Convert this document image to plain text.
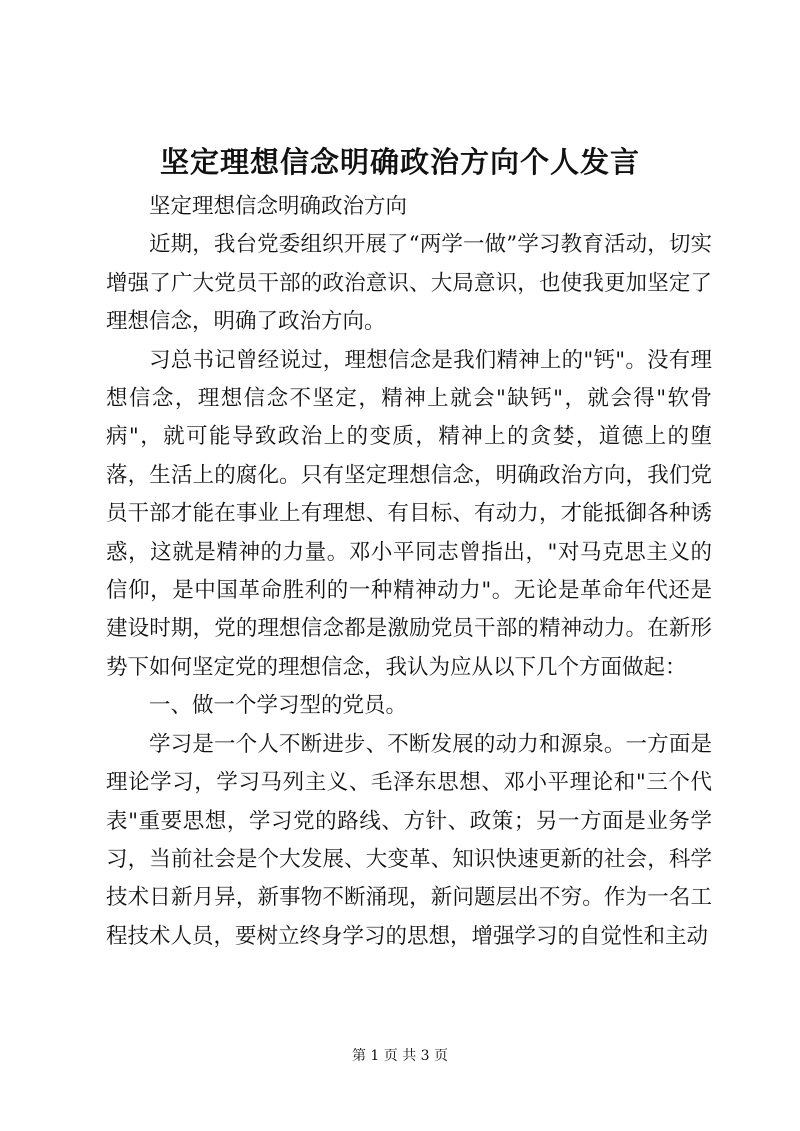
坚定理想信念明确政治方向个人发言

坚定理想信念明确政治方向

近期，我台党委组织开展了“两学一做”学习教育活动，切实增强了广大党员干部的政治意识、大局意识，也使我更加坚定了理想信念，明确了政治方向。

习总书记曾经说过，理想信念是我们精神上的"钙"。没有理想信念，理想信念不坚定，精神上就会"缺钙"，就会得"软骨病"，就可能导致政治上的变质，精神上的贪婪，道德上的堕落，生活上的腐化。只有坚定理想信念，明确政治方向，我们党员干部才能在事业上有理想、有目标、有动力，才能抵御各种诱惑，这就是精神的力量。邓小平同志曾指出，"对马克思主义的信仰，是中国革命胜利的一种精神动力"。无论是革命年代还是建设时期，党的理想信念都是激励党员干部的精神动力。在新形势下如何坚定党的理想信念，我认为应从以下几个方面做起：

一、做一个学习型的党员。

学习是一个人不断进步、不断发展的动力和源泉。一方面是理论学习，学习马列主义、毛泽东思想、邓小平理论和"三个代表"重要思想，学习党的路线、方针、政策；另一方面是业务学习，当前社会是个大发展、大变革、知识快速更新的社会，科学技术日新月异，新事物不断涌现，新问题层出不穷。作为一名工程技术人员，要树立终身学习的思想，增强学习的自觉性和主动

第 1 页 共 3 页
